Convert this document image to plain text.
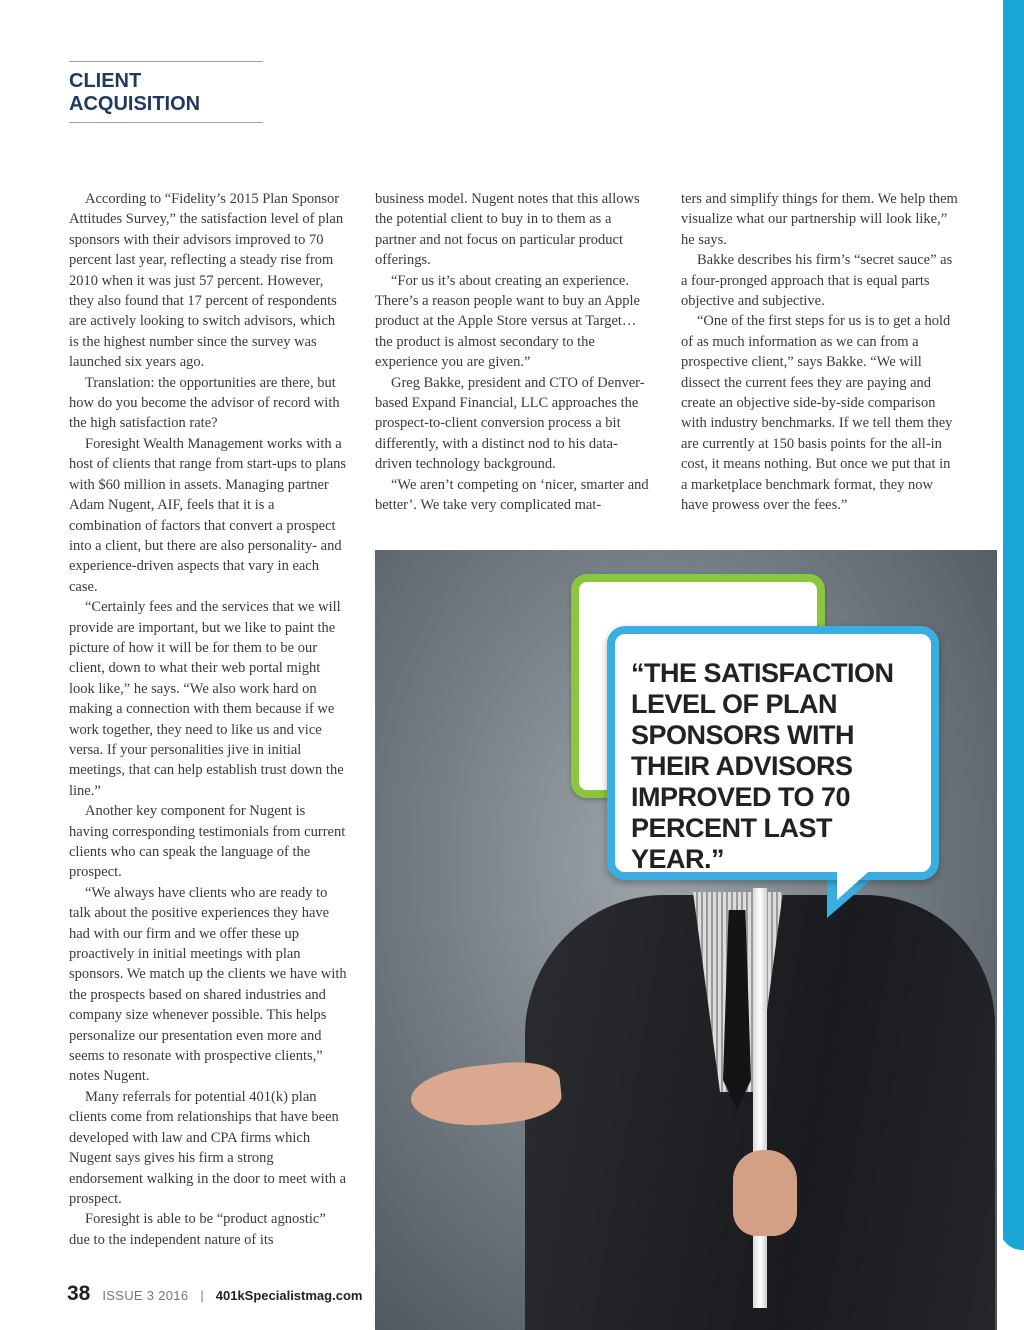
CLIENT ACQUISITION

According to “Fidelity’s 2015 Plan Sponsor Attitudes Survey,” the satisfaction level of plan sponsors with their advisors improved to 70 percent last year, reflecting a steady rise from 2010 when it was just 57 percent. However, they also found that 17 percent of respondents are actively looking to switch advisors, which is the highest number since the survey was launched six years ago.

Translation: the opportunities are there, but how do you become the advisor of record with the high satisfaction rate?

Foresight Wealth Management works with a host of clients that range from start-ups to plans with $60 million in assets. Managing partner Adam Nugent, AIF, feels that it is a combination of factors that convert a prospect into a client, but there are also personality- and experience-driven aspects that vary in each case.

“Certainly fees and the services that we will provide are important, but we like to paint the picture of how it will be for them to be our client, down to what their web portal might look like,” he says. “We also work hard on making a connection with them because if we work together, they need to like us and vice versa. If your personalities jive in initial meetings, that can help establish trust down the line.”

Another key component for Nugent is having corresponding testimonials from current clients who can speak the language of the prospect.

“We always have clients who are ready to talk about the positive experiences they have had with our firm and we offer these up proactively in initial meetings with plan sponsors. We match up the clients we have with the prospects based on shared industries and company size whenever possible. This helps personalize our presentation even more and seems to resonate with prospective clients,” notes Nugent.

Many referrals for potential 401(k) plan clients come from relationships that have been developed with law and CPA firms which Nugent says gives his firm a strong endorsement walking in the door to meet with a prospect.

Foresight is able to be “product agnostic” due to the independent nature of its

business model. Nugent notes that this allows the potential client to buy in to them as a partner and not focus on particular product offerings.

“For us it’s about creating an experience. There’s a reason people want to buy an Apple product at the Apple Store versus at Target…the product is almost secondary to the experience you are given.”

Greg Bakke, president and CTO of Denver-based Expand Financial, LLC approaches the prospect-to-client conversion process a bit differently, with a distinct nod to his data-driven technology background.

“We aren’t competing on ‘nicer, smarter and better’. We take very complicated mat-

ters and simplify things for them. We help them visualize what our partnership will look like,” he says.

Bakke describes his firm’s “secret sauce” as a four-pronged approach that is equal parts objective and subjective.

“One of the first steps for us is to get a hold of as much information as we can from a prospective client,” says Bakke. “We will dissect the current fees they are paying and create an objective side-by-side comparison with industry benchmarks. If we tell them they are currently at 150 basis points for the all-in cost, it means nothing. But once we put that in a marketplace benchmark format, they now have prowess over the fees.”

“THE SATISFACTION LEVEL OF PLAN SPONSORS WITH THEIR ADVISORS IMPROVED TO 70 PERCENT LAST YEAR.”
38 ISSUE 3 2016 | 401kSpecialistmag.com
